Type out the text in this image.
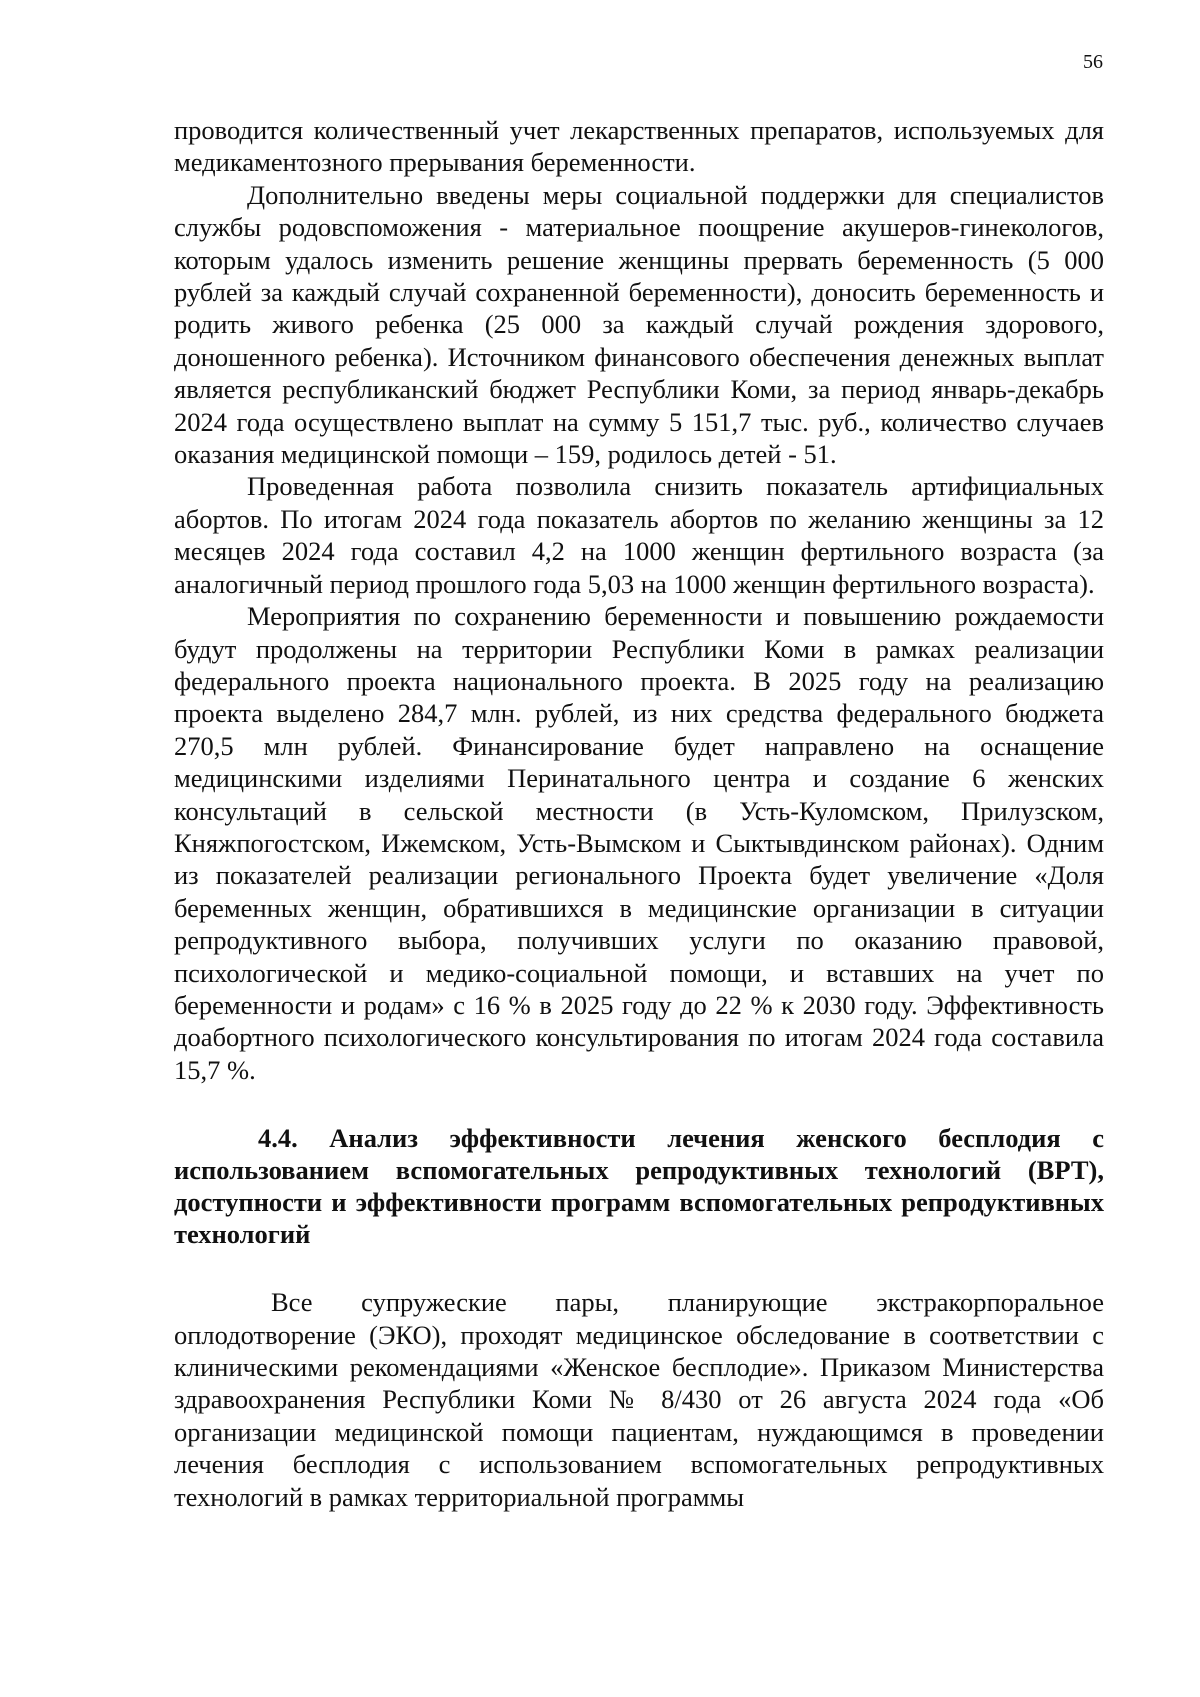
56

проводится количественный учет лекарственных препаратов, используемых для медикаментозного прерывания беременности.

Дополнительно введены меры социальной поддержки для специалистов службы родовспоможения - материальное поощрение акушеров-гинекологов, которым удалось изменить решение женщины прервать беременность (5 000 рублей за каждый случай сохраненной беременности), доносить беременность и родить живого ребенка (25 000 за каждый случай рождения здорового, доношенного ребенка). Источником финансового обеспечения денежных выплат является республиканский бюджет Республики Коми, за период январь-декабрь 2024 года осуществлено выплат на сумму 5 151,7 тыс. руб., количество случаев оказания медицинской помощи – 159, родилось детей - 51.

Проведенная работа позволила снизить показатель артифициальных абортов. По итогам 2024 года показатель абортов по желанию женщины за 12 месяцев 2024 года составил 4,2 на 1000 женщин фертильного возраста (за аналогичный период прошлого года 5,03 на 1000 женщин фертильного возраста).

Мероприятия по сохранению беременности и повышению рождаемости будут продолжены на территории Республики Коми в рамках реализации федерального проекта национального проекта. В 2025 году на реализацию проекта выделено 284,7 млн. рублей, из них средства федерального бюджета 270,5 млн рублей. Финансирование будет направлено на оснащение медицинскими изделиями Перинатального центра и создание 6 женских консультаций в сельской местности (в Усть-Куломском, Прилузском, Княжпогостском, Ижемском, Усть-Вымском и Сыктывдинском районах). Одним из показателей реализации регионального Проекта будет увеличение «Доля беременных женщин, обратившихся в медицинские организации в ситуации репродуктивного выбора, получивших услуги по оказанию правовой, психологической и медико-социальной помощи, и вставших на учет по беременности и родам» с 16 % в 2025 году до 22 % к 2030 году. Эффективность доабортного психологического консультирования по итогам 2024 года составила 15,7 %.

4.4. Анализ эффективности лечения женского бесплодия с использованием вспомогательных репродуктивных технологий (ВРТ), доступности и эффективности программ вспомогательных репродуктивных технологий

Все супружеские пары, планирующие экстракорпоральное оплодотворение (ЭКО), проходят медицинское обследование в соответствии с клиническими рекомендациями «Женское бесплодие». Приказом Министерства здравоохранения Республики Коми № 8/430 от 26 августа 2024 года «Об организации медицинской помощи пациентам, нуждающимся в проведении лечения бесплодия с использованием вспомогательных репродуктивных технологий в рамках территориальной программы
